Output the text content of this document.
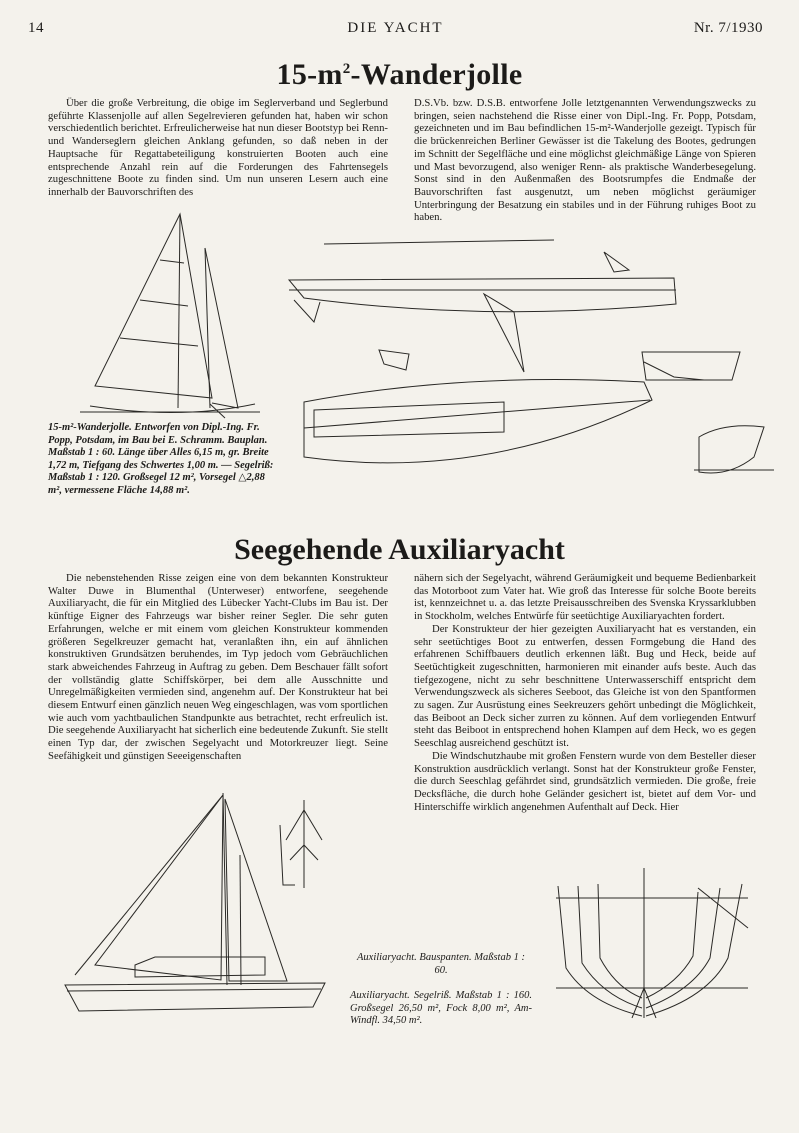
14	DIE YACHT	Nr. 7/1930
$15-m^2$-Wanderjolle

Über die große Verbreitung, die obige im Seglerverband und Seglerbund geführte Klassenjolle auf allen Segelrevieren gefunden hat, haben wir schon verschiedentlich berichtet. Erfreulicherweise hat nun dieser Bootstyp bei Renn- und Wanderseglern gleichen Anklang gefunden, so daß neben in der Hauptsache für Regattabeteiligung konstruierten Booten auch eine entsprechende Anzahl rein auf die Forderungen des Fahrtensegels zugeschnittene Boote zu finden sind. Um nun unseren Lesern auch eine innerhalb der Bauvorschriften des

D.S.Vb. bzw. D.S.B. entworfene Jolle letztgenannten Verwendungszwecks zu bringen, seien nachstehend die Risse einer von Dipl.-Ing. Fr. Popp, Potsdam, gezeichneten und im Bau befindlichen 15-m²-Wanderjolle gezeigt. Typisch für die brückenreichen Berliner Gewässer ist die Takelung des Bootes, gedrungen im Schnitt der Segelfläche und eine möglichst gleichmäßige Länge von Spieren und Mast bevorzugend, also weniger Renn- als praktische Wanderbesegelung. Sonst sind in den Außenmaßen des Bootsrumpfes die Endmaße der Bauvorschriften fast ausgenutzt, um neben möglichst geräumiger Unterbringung der Besatzung ein stabiles und in der Führung ruhiges Boot zu haben.

15-m²-Wanderjolle. Entworfen von Dipl.-Ing. Fr. Popp, Potsdam, im Bau bei E. Schramm. Bauplan. Maßstab 1 : 60. Länge über Alles 6,15 m, gr. Breite 1,72 m, Tiefgang des Schwertes 1,00 m. — Segelriß: Maßstab 1 : 120. Großsegel 12 m², Vorsegel △2,88 m², vermessene Fläche 14,88 m².
Seegehende Auxiliaryacht

Die nebenstehenden Risse zeigen eine von dem bekannten Konstrukteur Walter Duwe in Blumenthal (Unterweser) entworfene, seegehende Auxiliaryacht, die für ein Mitglied des Lübecker Yacht-Clubs im Bau ist. Der künftige Eigner des Fahrzeugs war bisher reiner Segler. Die sehr guten Erfahrungen, welche er mit einem vom gleichen Konstrukteur kommenden größeren Segelkreuzer gemacht hat, veranlaßten ihn, ein auf ähnlichen konstruktiven Grundsätzen beruhendes, im Typ jedoch vom Gebräuchlichen stark abweichendes Fahrzeug in Auftrag zu geben. Dem Beschauer fällt sofort der vollständig glatte Schiffskörper, bei dem alle Ausschnitte und Unregelmäßigkeiten vermieden sind, angenehm auf. Der Konstrukteur hat bei diesem Entwurf einen gänzlich neuen Weg eingeschlagen, was vom sportlichen wie auch vom yachtbaulichen Standpunkte aus betrachtet, recht erfreulich ist. Die seegehende Auxiliaryacht hat sicherlich eine bedeutende Zukunft. Sie stellt einen Typ dar, der zwischen Segelyacht und Motorkreuzer liegt. Seine Seefähigkeit und günstigen Seeeigenschaften

nähern sich der Segelyacht, während Geräumigkeit und bequeme Bedienbarkeit das Motorboot zum Vater hat. Wie groß das Interesse für solche Boote bereits ist, kennzeichnet u. a. das letzte Preisausschreiben des Svenska Kryssarklubben in Stockholm, welches Entwürfe für seetüchtige Auxiliaryachten fordert.

Der Konstrukteur der hier gezeigten Auxiliaryacht hat es verstanden, ein sehr seetüchtiges Boot zu entwerfen, dessen Formgebung die Hand des erfahrenen Schiffbauers deutlich erkennen läßt. Bug und Heck, beide auf Seetüchtigkeit zugeschnitten, harmonieren mit einander aufs beste. Auch das tiefgezogene, nicht zu sehr beschnittene Unterwasserschiff entspricht dem Verwendungszweck als sicheres Seeboot, das Gleiche ist von den Spantformen zu sagen. Zur Ausrüstung eines Seekreuzers gehört unbedingt die Möglichkeit, das Beiboot an Deck sicher zurren zu können. Auf dem vorliegenden Entwurf steht das Beiboot in entsprechend hohen Klampen auf dem Heck, wo es gegen Seeschlag ausreichend geschützt ist.

Die Windschutzhaube mit großen Fenstern wurde von dem Besteller dieser Konstruktion ausdrücklich verlangt. Sonst hat der Konstrukteur große Fenster, die durch Seeschlag gefährdet sind, grundsätzlich vermieden. Die große, freie Decksfläche, die durch hohe Geländer gesichert ist, bietet auf dem Vor- und Hinterschiffe wirklich angenehmen Aufenthalt auf Deck. Hier

Auxiliaryacht. Bauspanten. Maßstab 1 : 60.
Auxiliaryacht. Segelriß. Maßstab 1 : 160. Großsegel 26,50 m², Fock 8,00 m², Am-Windfl. 34,50 m².
